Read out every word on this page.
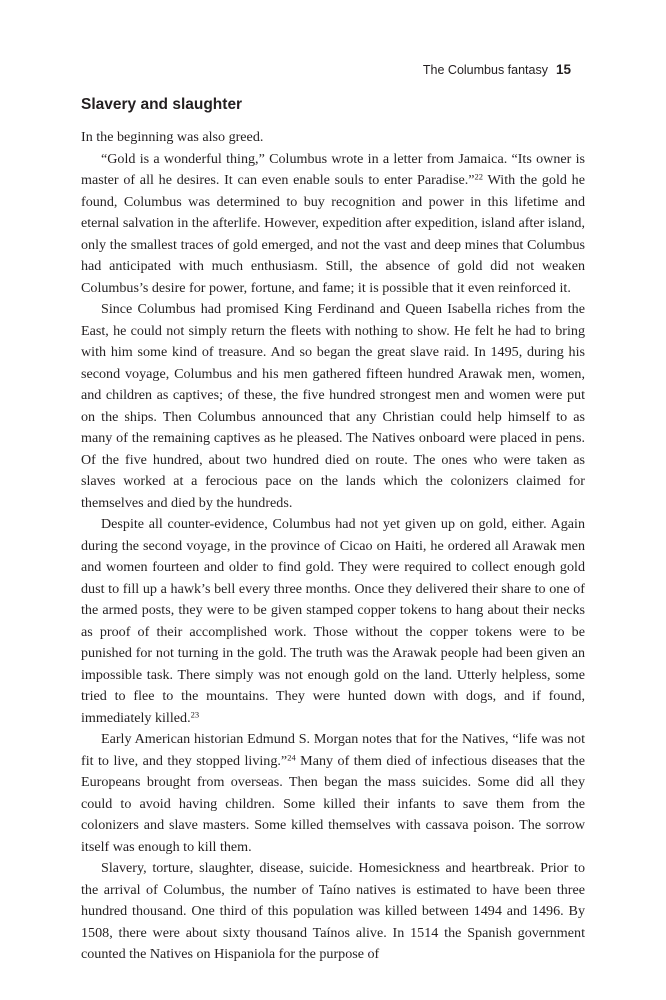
The Columbus fantasy 15
Slavery and slaughter

In the beginning was also greed.

“Gold is a wonderful thing,” Columbus wrote in a letter from Jamaica. “Its owner is master of all he desires. It can even enable souls to enter Paradise.”$^{22}$ With the gold he found, Columbus was determined to buy recognition and power in this lifetime and eternal salvation in the afterlife. However, expedition after expedition, island after island, only the smallest traces of gold emerged, and not the vast and deep mines that Columbus had anticipated with much enthusiasm. Still, the absence of gold did not weaken Columbus’s desire for power, fortune, and fame; it is possible that it even reinforced it.

Since Columbus had promised King Ferdinand and Queen Isabella riches from the East, he could not simply return the fleets with nothing to show. He felt he had to bring with him some kind of treasure. And so began the great slave raid. In 1495, during his second voyage, Columbus and his men gathered fifteen hundred Arawak men, women, and children as captives; of these, the five hundred strongest men and women were put on the ships. Then Columbus announced that any Christian could help himself to as many of the remaining captives as he pleased. The Natives onboard were placed in pens. Of the five hundred, about two hundred died on route. The ones who were taken as slaves worked at a ferocious pace on the lands which the colonizers claimed for themselves and died by the hundreds.

Despite all counter-evidence, Columbus had not yet given up on gold, either. Again during the second voyage, in the province of Cicao on Haiti, he ordered all Arawak men and women fourteen and older to find gold. They were required to collect enough gold dust to fill up a hawk’s bell every three months. Once they delivered their share to one of the armed posts, they were to be given stamped copper tokens to hang about their necks as proof of their accomplished work. Those without the copper tokens were to be punished for not turning in the gold. The truth was the Arawak people had been given an impossible task. There simply was not enough gold on the land. Utterly helpless, some tried to flee to the mountains. They were hunted down with dogs, and if found, immediately killed.$^{23}$

Early American historian Edmund S. Morgan notes that for the Natives, “life was not fit to live, and they stopped living.”$^{24}$ Many of them died of infectious diseases that the Europeans brought from overseas. Then began the mass suicides. Some did all they could to avoid having children. Some killed their infants to save them from the colonizers and slave masters. Some killed themselves with cassava poison. The sorrow itself was enough to kill them.

Slavery, torture, slaughter, disease, suicide. Homesickness and heartbreak. Prior to the arrival of Columbus, the number of Taíno natives is estimated to have been three hundred thousand. One third of this population was killed between 1494 and 1496. By 1508, there were about sixty thousand Taínos alive. In 1514 the Spanish government counted the Natives on Hispaniola for the purpose of
